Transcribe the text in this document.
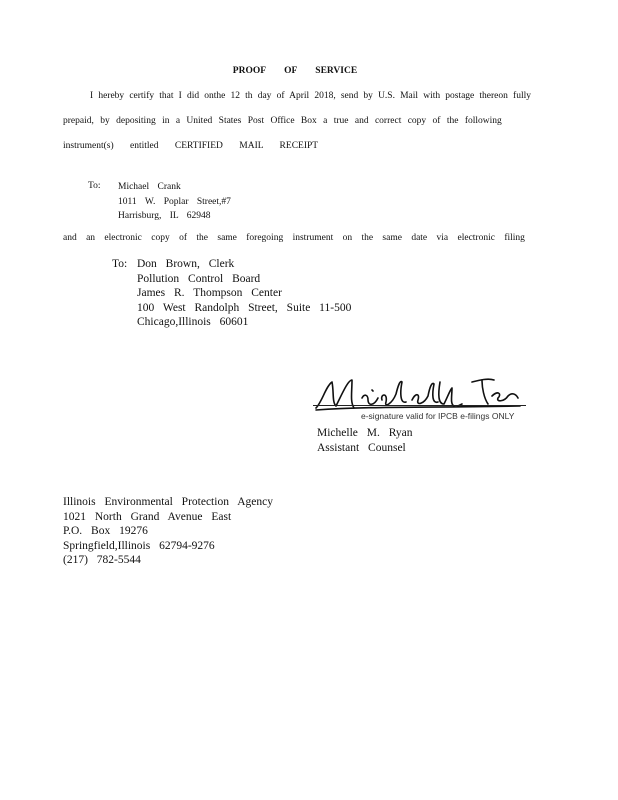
PROOF OF SERVICE
I hereby certify that I did onthe 12 th day of April 2018, send by U.S. Mail with postage thereon fully
prepaid, by depositing in a United States Post Office Box a true and correct copy of the following
instrument(s) entitled CERTIFIED MAIL RECEIPT
To: Michael Crank
1011 W. Poplar Street,#7
Harrisburg, IL 62948
and an electronic copy of the same foregoing instrument on the same date via electronic filing
To: Don Brown, Clerk
Pollution Control Board
James R. Thompson Center
100 West Randolph Street, Suite 11-500
Chicago,Illinois 60601
e-signature valid for IPCB e-filings ONLY
Michelle M. Ryan
Assistant Counsel
Illinois Environmental Protection Agency
1021 North Grand Avenue East
P.O. Box 19276
Springfield,Illinois 62794-9276
(217) 782-5544
